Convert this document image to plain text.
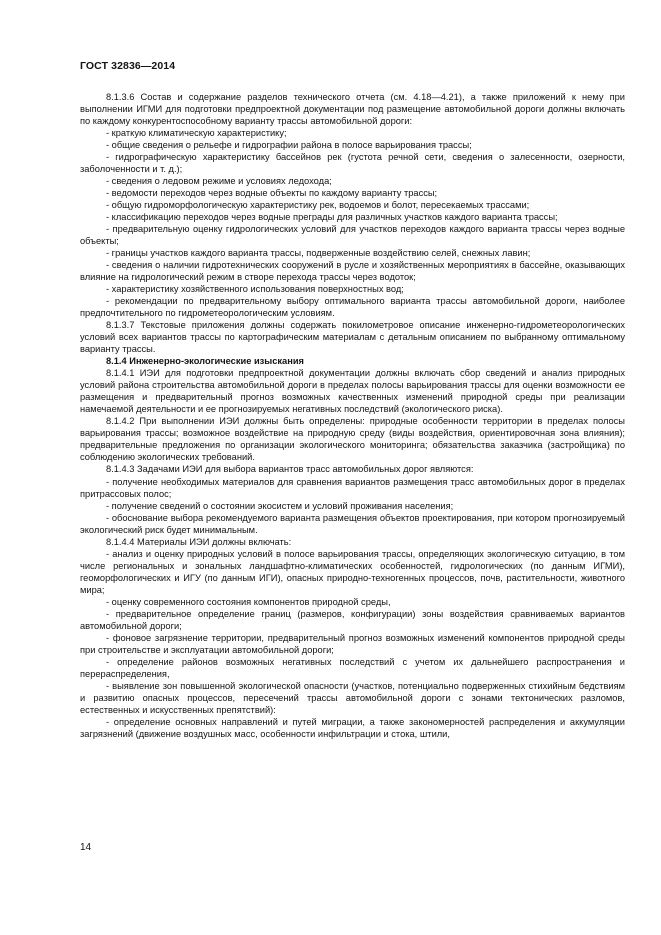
ГОСТ 32836—2014

8.1.3.6 Состав и содержание разделов технического отчета (см. 4.18—4.21), а также приложений к нему при выполнении ИГМИ для подготовки предпроектной документации под размещение автомобильной дороги должны включать по каждому конкурентоспособному варианту трассы автомобильной дороги:

- краткую климатическую характеристику;

- общие сведения о рельефе и гидрографии района в полосе варьирования трассы;

- гидрографическую характеристику бассейнов рек (густота речной сети, сведения о залесенности, озерности, заболоченности и т. д.);

- сведения о ледовом режиме и условиях ледохода;

- ведомости переходов через водные объекты по каждому варианту трассы;

- общую гидроморфологическую характеристику рек, водоемов и болот, пересекаемых трассами;

- классификацию переходов через водные преграды для различных участков каждого варианта трассы;

- предварительную оценку гидрологических условий для участков переходов каждого варианта трассы через водные объекты;

- границы участков каждого варианта трассы, подверженные воздействию селей, снежных лавин;

- сведения о наличии гидротехнических сооружений в русле и хозяйственных мероприятиях в бассейне, оказывающих влияние на гидрологический режим в створе перехода трассы через водоток;

- характеристику хозяйственного использования поверхностных вод;

- рекомендации по предварительному выбору оптимального варианта трассы автомобильной дороги, наиболее предпочтительного по гидрометеорологическим условиям.

8.1.3.7 Текстовые приложения должны содержать покилометровое описание инженерно-гидрометеорологических условий всех вариантов трассы по картографическим материалам с детальным описанием по выбранному оптимальному варианту трассы.

8.1.4 Инженерно-экологические изыскания

8.1.4.1 ИЭИ для подготовки предпроектной документации должны включать сбор сведений и анализ природных условий района строительства автомобильной дороги в пределах полосы варьирования трассы для оценки возможности ее размещения и предварительный прогноз возможных качественных изменений природной среды при реализации намечаемой деятельности и ее прогнозируемых негативных последствий (экологического риска).

8.1.4.2 При выполнении ИЭИ должны быть определены: природные особенности территории в пределах полосы варьирования трассы; возможное воздействие на природную среду (виды воздействия, ориентировочная зона влияния); предварительные предложения по организации экологического мониторинга; обязательства заказчика (застройщика) по соблюдению экологических требований.

8.1.4.3 Задачами ИЭИ для выбора вариантов трасс автомобильных дорог являются:

- получение необходимых материалов для сравнения вариантов размещения трасс автомобильных дорог в пределах притрассовых полос;

- получение сведений о состоянии экосистем и условий проживания населения;

- обоснование выбора рекомендуемого варианта размещения объектов проектирования, при котором прогнозируемый экологический риск будет минимальным.

8.1.4.4 Материалы ИЭИ должны включать:

- анализ и оценку природных условий в полосе варьирования трассы, определяющих экологическую ситуацию, в том числе региональных и зональных ландшафтно-климатических особенностей, гидрологических (по данным ИГМИ), геоморфологических и ИГУ (по данным ИГИ), опасных природно-техногенных процессов, почв, растительности, животного мира;

- оценку современного состояния компонентов природной среды,

- предварительное определение границ (размеров, конфигурации) зоны воздействия сравниваемых вариантов автомобильной дороги;

- фоновое загрязнение территории, предварительный прогноз возможных изменений компонентов природной среды при строительстве и эксплуатации автомобильной дороги;

- определение районов возможных негативных последствий с учетом их дальнейшего распространения и перераспределения,

- выявление зон повышенной экологической опасности (участков, потенциально подверженных стихийным бедствиям и развитию опасных процессов, пересечений трассы автомобильной дороги с зонами тектонических разломов, естественных и искусственных препятствий):

- определение основных направлений и путей миграции, а также закономерностей распределения и аккумуляции загрязнений (движение воздушных масс, особенности инфильтрации и стока, штили,

14
